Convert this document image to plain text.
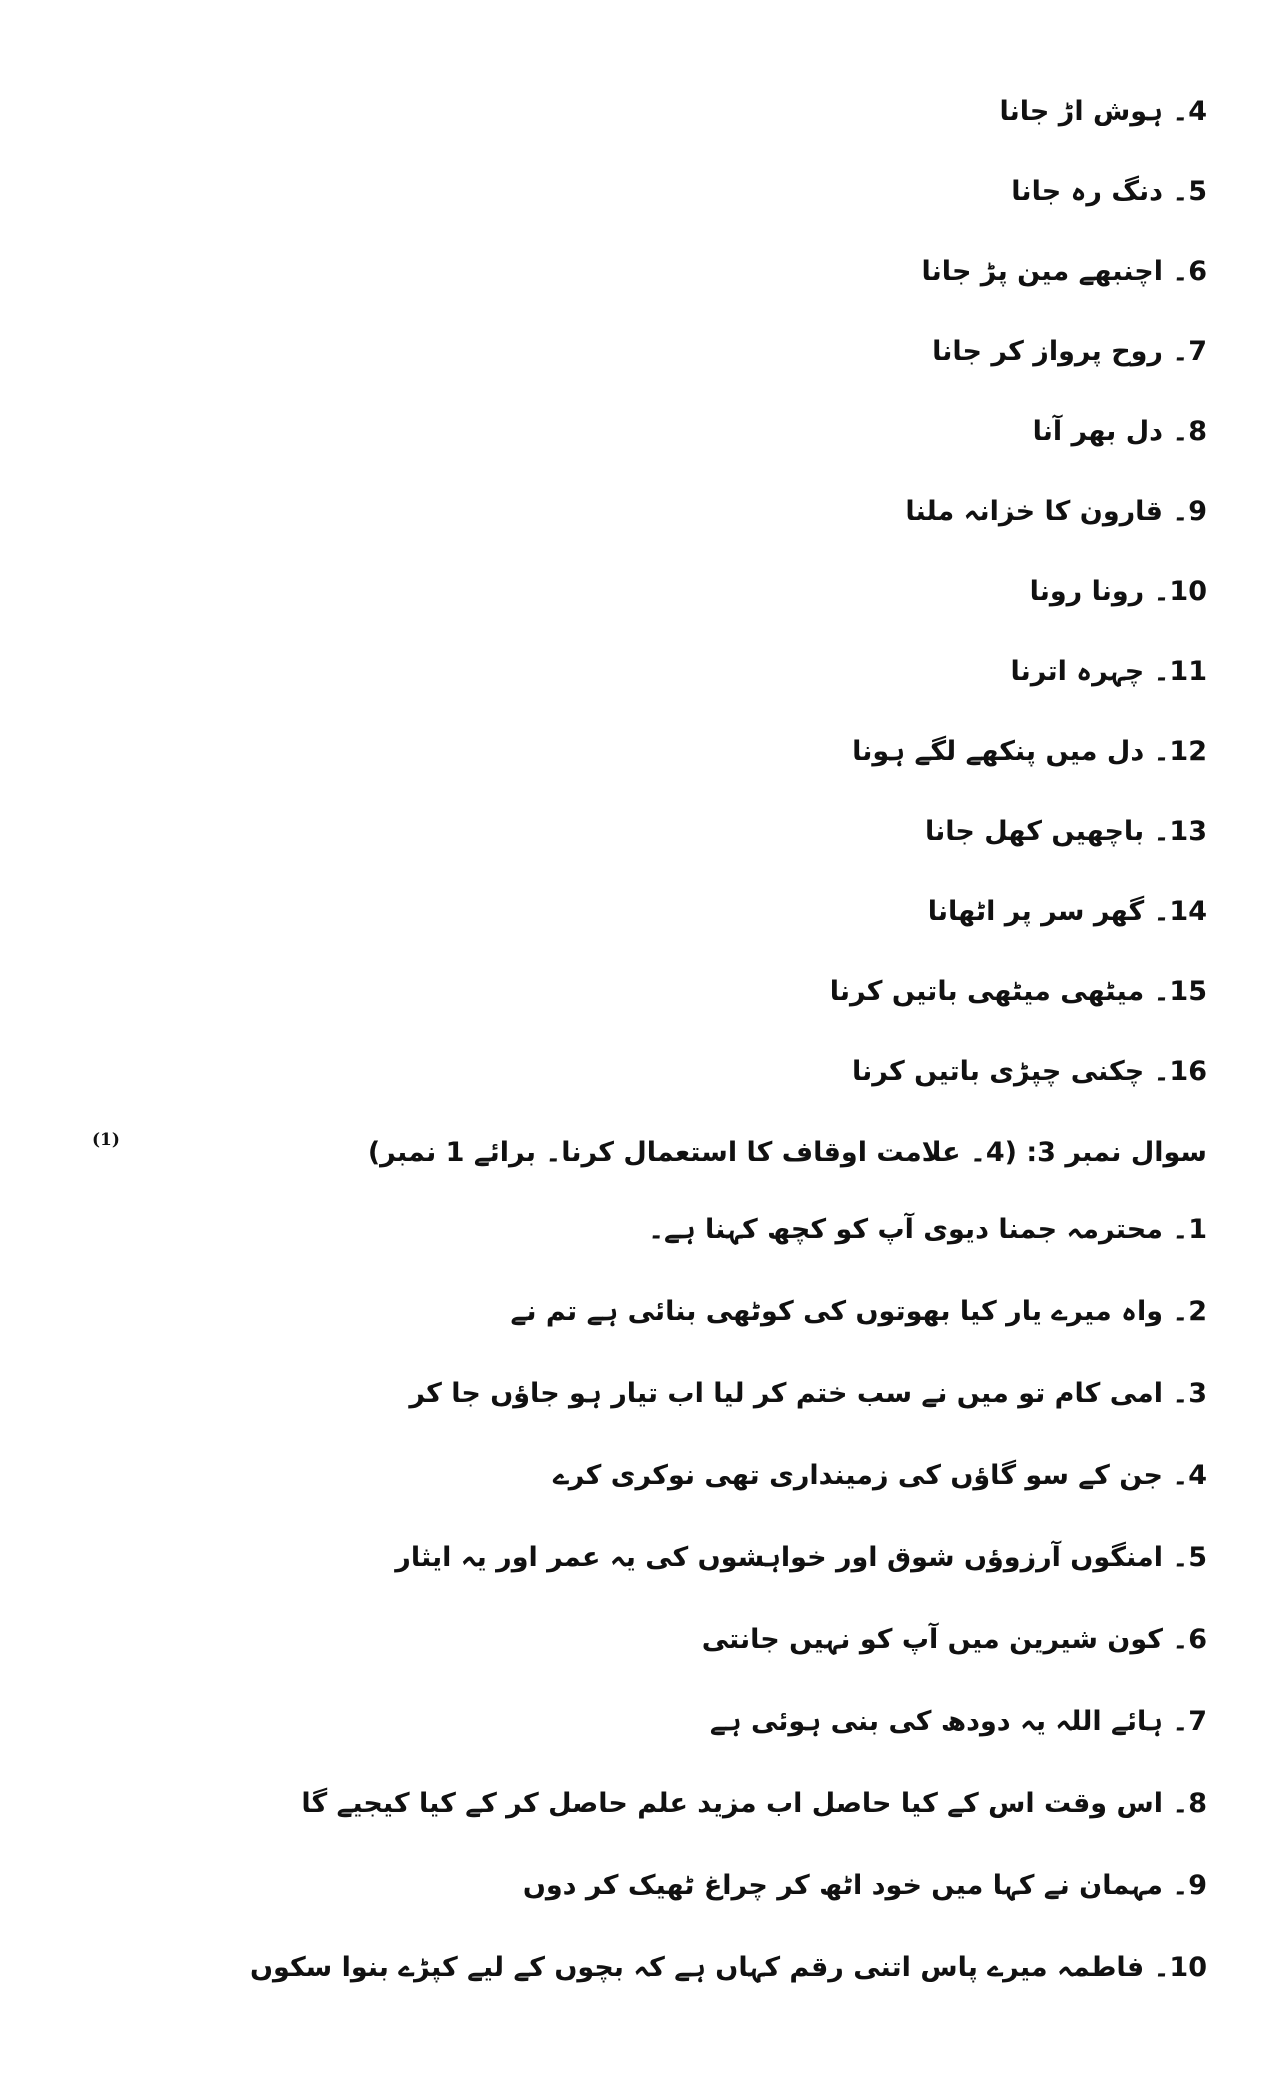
4۔ ہوش اڑ جانا
5۔ دنگ رہ جانا
6۔ اچنبھے مین پڑ جانا
7۔ روح پرواز کر جانا
8۔ دل بھر آنا
9۔ قارون کا خزانہ ملنا
10۔ رونا رونا
11۔ چہرہ اترنا
12۔ دل میں پنکھے لگے ہونا
13۔ باچھیں کھل جانا
14۔ گھر سر پر اٹھانا
15۔ میٹھی میٹھی باتیں کرنا
16۔ چکنی چپڑی باتیں کرنا
(1)	سوال نمبر 3: (4۔ علامت اوقاف کا استعمال کرنا۔ برائے 1 نمبر)
1۔ محترمہ جمنا دیوی آپ کو کچھ کہنا ہے۔
2۔ واہ میرے یار کیا بھوتوں کی کوٹھی بنائی ہے تم نے
3۔ امی کام تو میں نے سب ختم کر لیا اب تیار ہو جاؤں جا کر
4۔ جن کے سو گاؤں کی زمینداری تھی نوکری کرے
5۔ امنگوں آرزوؤں شوق اور خواہشوں کی یہ عمر اور یہ ایثار
6۔ کون شیرین میں آپ کو نہیں جانتی
7۔ ہائے اللہ یہ دودھ کی بنی ہوئی ہے
8۔ اس وقت اس کے کیا حاصل اب مزید علم حاصل کر کے کیا کیجیے گا
9۔ مہمان نے کہا میں خود اٹھ کر چراغ ٹھیک کر دوں
10۔ فاطمہ میرے پاس اتنی رقم کہاں ہے کہ بچوں کے لیے کپڑے بنوا سکوں
